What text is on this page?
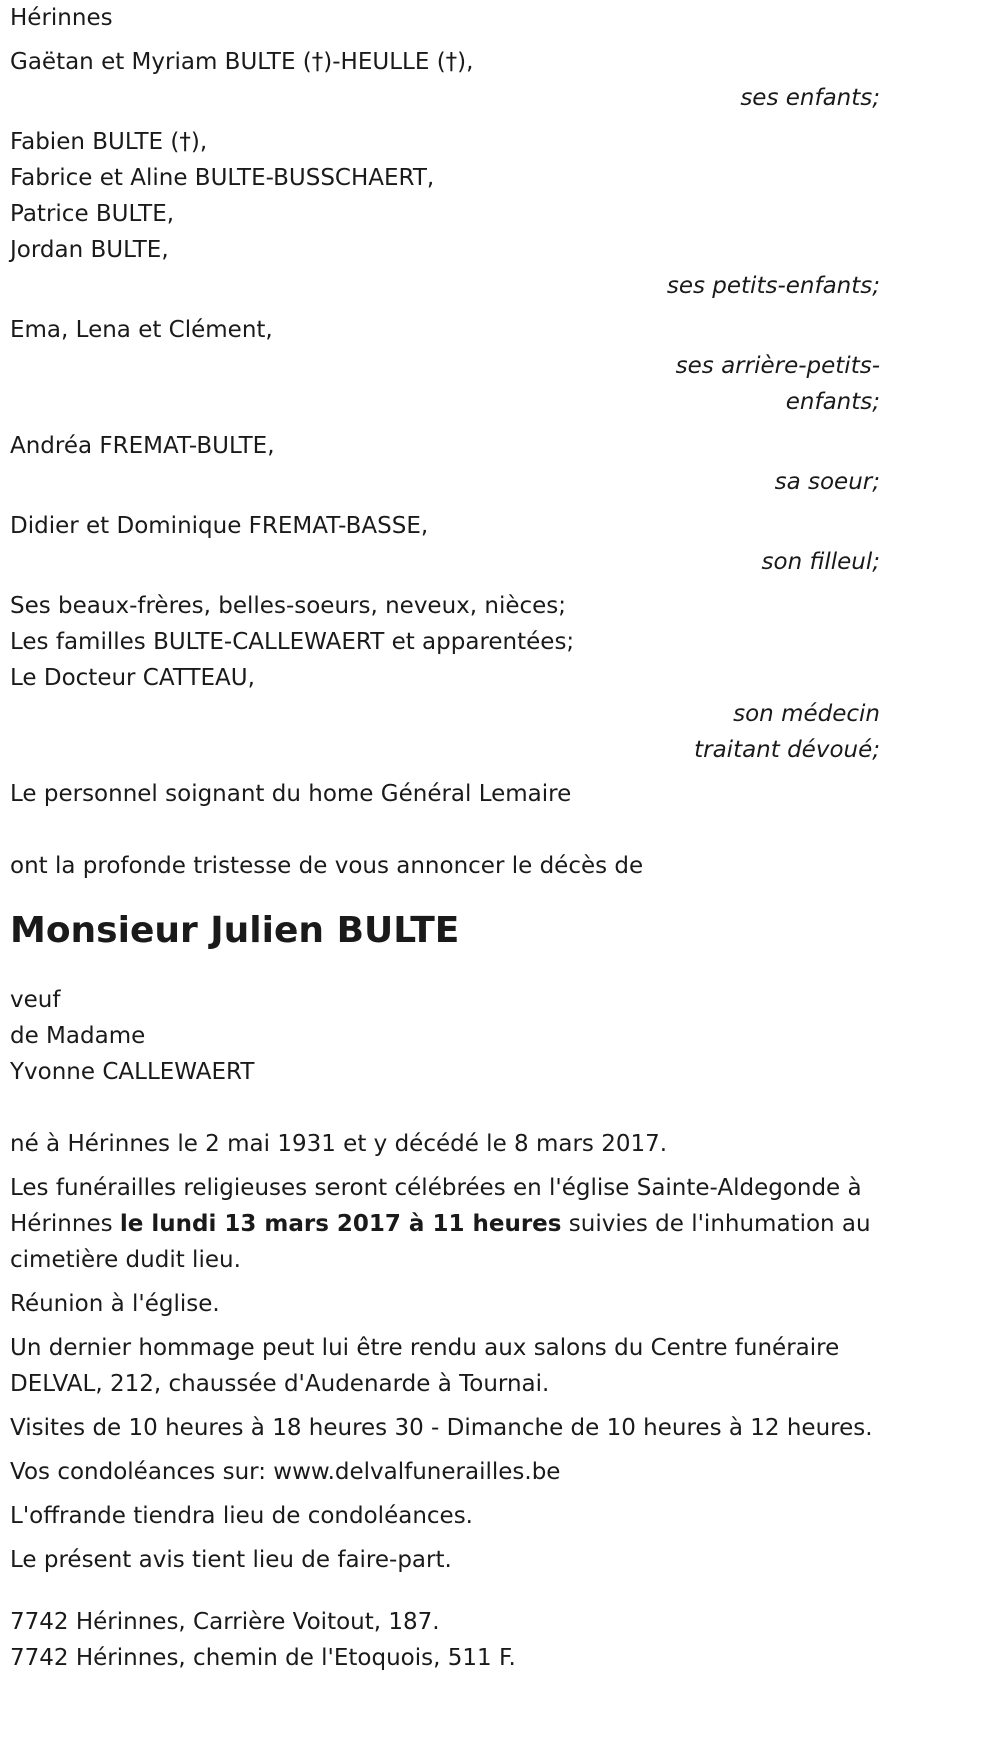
Hérinnes
Gaëtan et Myriam BULTE (†)-HEULLE (†),
ses enfants;
Fabien BULTE (†),
Fabrice et Aline BULTE-BUSSCHAERT,
Patrice BULTE,
Jordan BULTE,
ses petits-enfants;
Ema, Lena et Clément,
ses arrière-petits-
enfants;
Andréa FREMAT-BULTE,
sa soeur;
Didier et Dominique FREMAT-BASSE,
son filleul;
Ses beaux-frères, belles-soeurs, neveux, nièces;
Les familles BULTE-CALLEWAERT et apparentées;
Le Docteur CATTEAU,
son médecin
traitant dévoué;
Le personnel soignant du home Général Lemaire
ont la profonde tristesse de vous annoncer le décès de
Monsieur Julien BULTE
veuf
de Madame
Yvonne CALLEWAERT

né à Hérinnes le 2 mai 1931 et y décédé le 8 mars 2017.

Les funérailles religieuses seront célébrées en l'église Sainte-Aldegonde à Hérinnes le lundi 13 mars 2017 à 11 heures suivies de l'inhumation au cimetière dudit lieu.

Réunion à l'église.

Un dernier hommage peut lui être rendu aux salons du Centre funéraire DELVAL, 212, chaussée d'Audenarde à Tournai.

Visites de 10 heures à 18 heures 30 - Dimanche de 10 heures à 12 heures.

Vos condoléances sur: www.delvalfunerailles.be

L'offrande tiendra lieu de condoléances.

Le présent avis tient lieu de faire-part.

7742 Hérinnes, Carrière Voitout, 187.
7742 Hérinnes, chemin de l'Etoquois, 511 F.
